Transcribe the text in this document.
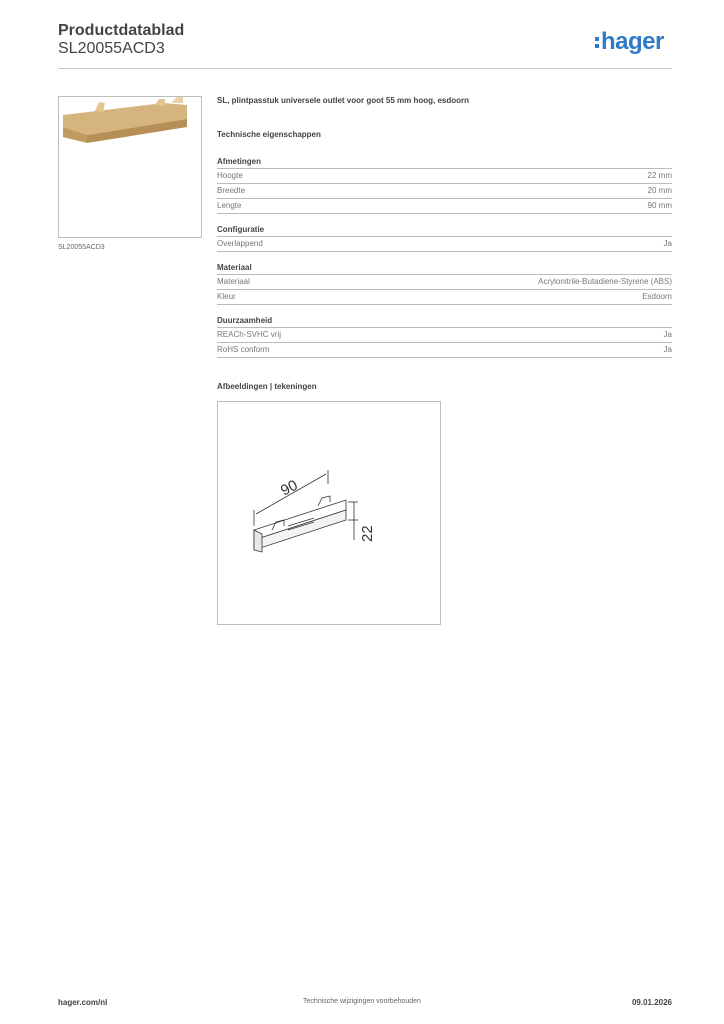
Productdatablad
SL20055ACD3	hager
SL20055ACD3
SL, plintpasstuk universele outlet voor goot 55 mm hoog, esdoorn
Technische eigenschappen
Afmetingen
Hoogte	22 mm
Breedte	20 mm
Lengte	90 mm
Configuratie
Overlappend	Ja
Materiaal
Materiaal	Acrylonitrile-Butadiene-Styrene (ABS)
Kleur	Esdoorn
Duurzaamheid
REACh-SVHC vrij	Ja
RoHS conform	Ja
Afbeeldingen | tekeningen
90
22
hager.com/nl	Technische wijzigingen voorbehouden	09.01.2026
